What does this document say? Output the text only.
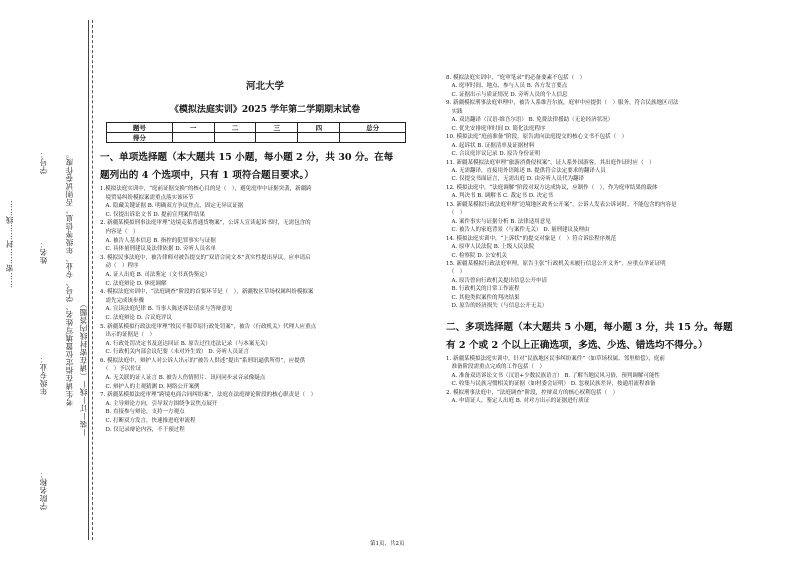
学院名称：
年级专业：
姓名：
学号： 考生请在指定位置填写姓名、学号、专业、年级等信息，否则试卷作废。 —装—订—线—（请在密封线内答题）
……密……封……线……
河北大学
《模拟法庭实训》2025 学年第二学期期末试卷
题号	一	二	三	四	总分
得分					
一、单项选择题（本大题共 15 小题，每小题 2 分，共 30 分。在每
题列出的 4 个选项中，只有 1 项符合题目要求。）
1.模拟法庭实训中，“庭前证据交换”的核心目的是（　），避免庭审中证据突袭，新疆跨
　境贸易纠纷模拟案需重点落实该环节
　A. 隐藏关键证据 B. 明确双方争议焦点，固定无异议证据
　C. 仅提出诉讼文书 D. 提前宣判案件结果
2. 新疆某模拟刑事法庭审理“边境走私普通货物案”，公诉人宣读起诉书时，无需包含的
　内容是（　）
　A. 被告人基本信息 B. 指控的犯罪事实与证据
　C. 具体量刑建议及法律依据 D. 旁听人员名单
3. 模拟民事法庭中，被告律师对被告提交的“双语合同文本”真实性提出异议，应申请启
　动（　）程序
　A. 证人出庭 B. 司法鉴定（文书真伪鉴定）
　C. 法庭辩论 D. 休庭调解
4. 模拟法庭实训中，“法庭调查”阶段的首要环节是（　），新疆牧区草场权属纠纷模拟案
　需先完成该步骤
　A. 宣读法庭纪律 B. 当事人陈述诉讼请求与答辩意见
　C. 法庭辩论 D. 合议庭评议
5. 新疆某模拟行政法庭审理“牧民不服草原行政处罚案”，被告（行政机关）代理人应重点
　出示的证据是（　）
　A. 行政处罚决定书及送达回证 B. 原告过往违法记录（与本案无关）
　C. 行政机关内部会议纪要（未对外生效） D. 旁听人员证言
6. 模拟法庭中，辩护人对公诉人出示的“被告人供述”提出“系刑讯逼供所得”，应提供
　（　）予以佐证
　A. 无关联的证人证言 B. 被告人伤情照片、讯问同步录音录像疑点
　C. 辩护人的主观猜测 D. 网络公开案例
7. 新疆某模拟法庭审理“跨境电商合同纠纷案”，法庭在法庭辩论阶段的核心职责是（　）
　A. 主导辩论方向，引导双方围绕争议焦点展开
　B. 直接参与辩论，支持一方观点
　C. 打断双方发言，快速推进庭审流程
　D. 仅记录辩论内容，不干预过程
8. 模拟法庭实训中，“庭审笔录”的必备要素不包括（　）
　A. 庭审时间、地点、参与人员 B. 各方发言要点
　C. 证据出示与质证情况 D. 旁听人员的个人信息
9. 新疆模拟刑事法庭审理中，被告人系维吾尔族，庭审中应提供（　）服务，符合民族地区司法
　实践
　A. 双语翻译（汉语-维吾尔语） B. 免费法律援助（无论经济状况）
　C. 优先安排庭审时间 D. 简化法庭程序
10. 模拟法庭“庭前准备”阶段，原告需向法庭提交的核心文书不包括（　）
　A. 起诉状 B. 证据清单及证据材料
　C. 合议庭评议记录 D. 原告身份证明
11. 新疆某模拟法庭审理“旅游消费侵权案”，证人系外国游客，其出庭作证时应（　）
　A. 无需翻译，直接用外语陈述 B. 提供符合法定要求的翻译人员
　C. 仅提交书面证言，无需出庭 D. 由旁听人员代为翻译
12. 模拟法庭中，“法庭调解”阶段对双方达成协议，应制作（　），作为庭审结果的载体
　A. 判决书 B. 调解书 C. 裁定书 D. 决定书
13. 新疆某模拟行政法庭审理“边境地区政务公开案”，公诉人发表公诉词时，不能包含的内容是
　（　）
　A. 案件事实与证据分析 B. 法律适用意见
　C. 被告人的家庭背景（与案件无关） D. 量刑建议及理由
14. 模拟法庭实训中，“上诉状”的提交对象是（　）符合诉讼程序规范
　A. 原审人民法院 B. 上级人民法院
　C. 检察院 D. 公安机关
15. 新疆某模拟行政法庭审理，原告主张“行政机关未履行信息公开义务”，应重点举证证明
　（　）
　A. 原告曾向行政机关提出信息公开申请
　B. 行政机关的日常工作流程
　C. 其他类似案件的判决结果
　D. 原告的经济损失（与信息公开无关）
二、多项选择题（本大题共 5 小题，每小题 3 分，共 15 分。每题
有 2 个或 2 个以上正确选项，多选、少选、错选均不得分。）
1. 新疆某模拟法庭实训中，针对“民族地区民事纠纷案件”（如草场权属、邻里赔偿），庭前
　准备阶段需重点完成的工作包括（　）
　A. 准备双语诉讼文书（汉语+少数民族语言） B. 了解当地民风习俗，预判调解可能性
　C. 收集与民族习惯相关的证据（如村委会证明） D. 忽视民族差异，按通用流程准备
2. 模拟刑事法庭中，“法庭调查”阶段，控辩双方的核心权利包括（　）
　A. 申请证人、鉴定人出庭 B. 对对方出示的证据进行质证
第1页，共2页
